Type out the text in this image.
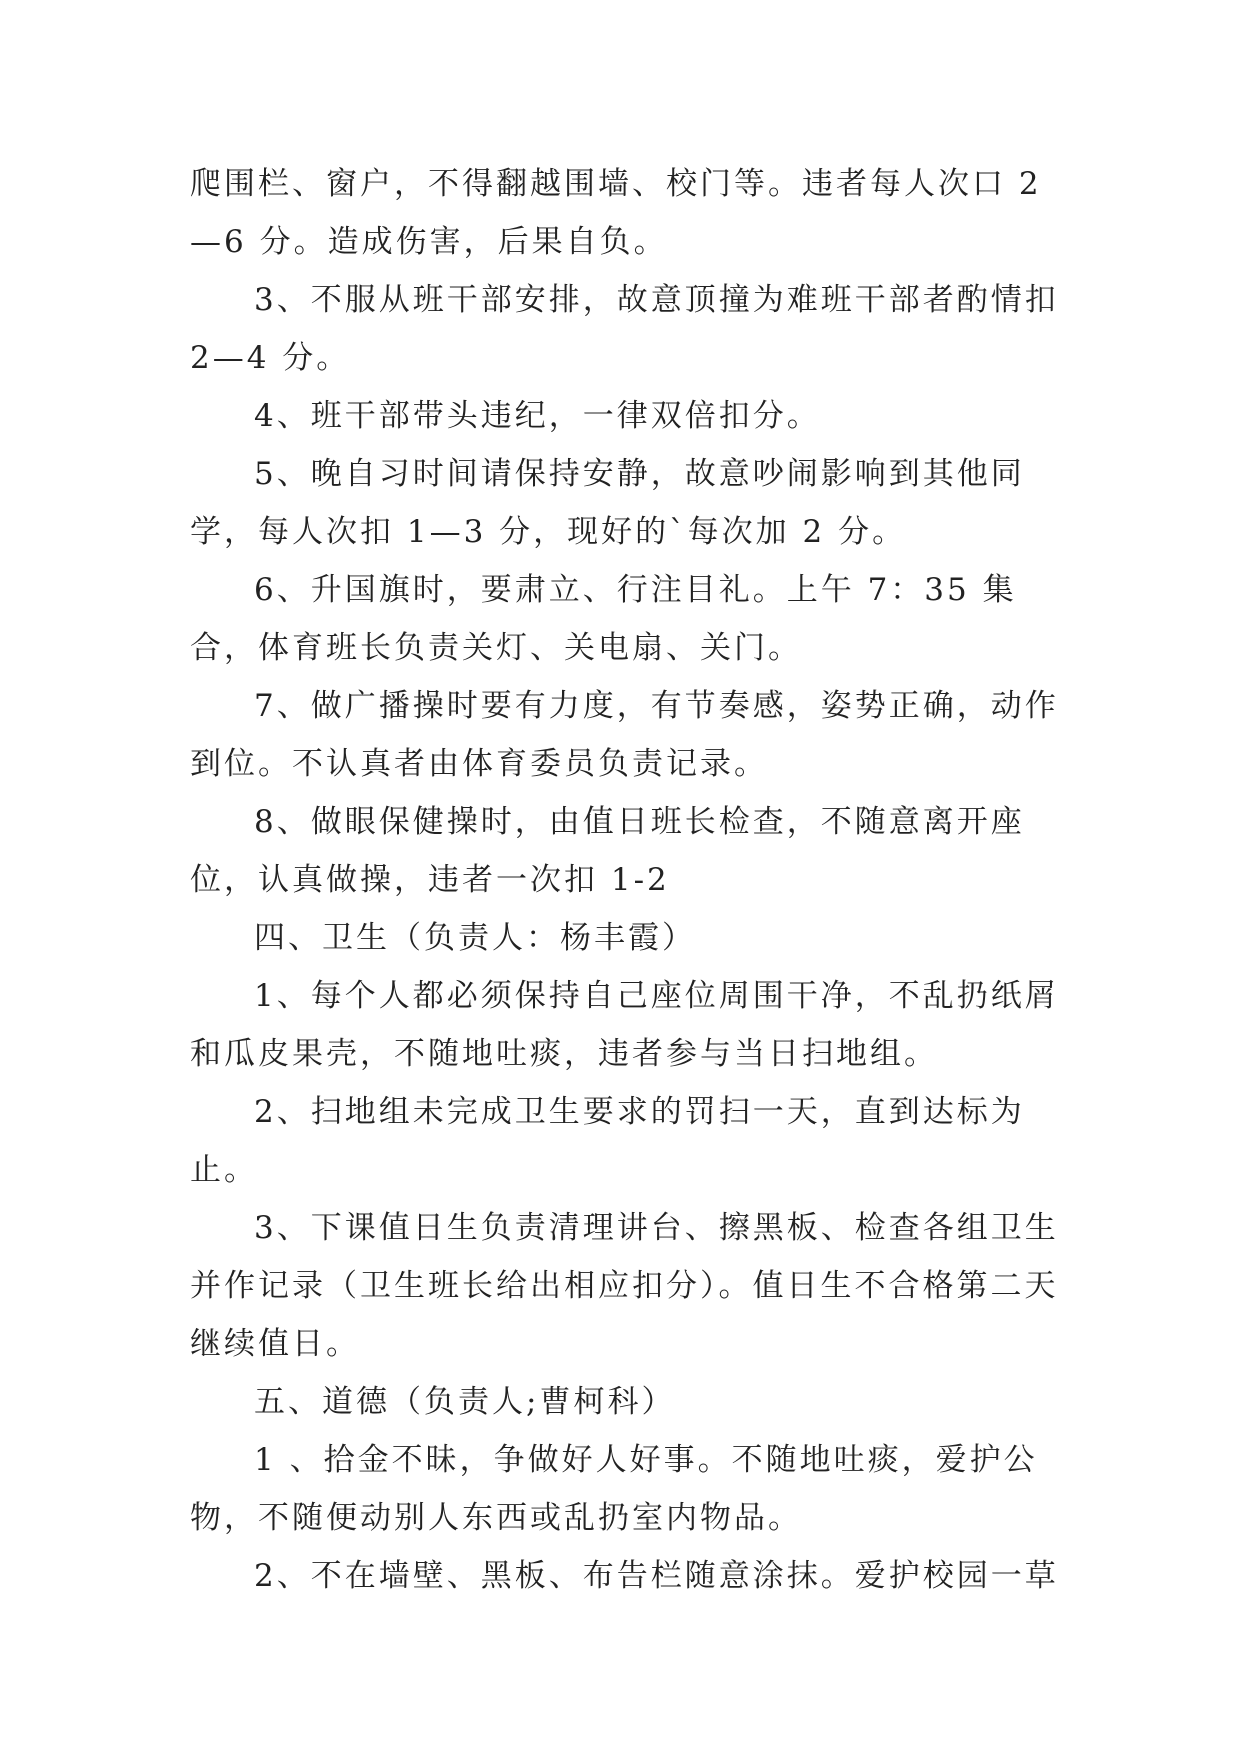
爬围栏、窗户，不得翻越围墙、校门等。违者每人次口 2—6 分。造成伤害，后果自负。

3、不服从班干部安排，故意顶撞为难班干部者酌情扣 2—4 分。

4、班干部带头违纪，一律双倍扣分。

5、晚自习时间请保持安静，故意吵闹影响到其他同学，每人次扣 1—3 分，现好的`每次加 2 分。

6、升国旗时，要肃立、行注目礼。上午 7：35 集合，体育班长负责关灯、关电扇、关门。

7、做广播操时要有力度，有节奏感，姿势正确，动作到位。不认真者由体育委员负责记录。

8、做眼保健操时，由值日班长检查，不随意离开座位，认真做操，违者一次扣 1-2

四、卫生（负责人：杨丰霞）

1、每个人都必须保持自己座位周围干净，不乱扔纸屑和瓜皮果壳，不随地吐痰，违者参与当日扫地组。

2、扫地组未完成卫生要求的罚扫一天，直到达标为止。

3、下课值日生负责清理讲台、擦黑板、检查各组卫生并作记录（卫生班长给出相应扣分）。值日生不合格第二天继续值日。

五、道德（负责人;曹柯科）

1 、拾金不昧，争做好人好事。不随地吐痰，爱护公物，不随便动别人东西或乱扔室内物品。

2、不在墙壁、黑板、布告栏随意涂抹。爱护校园一草
